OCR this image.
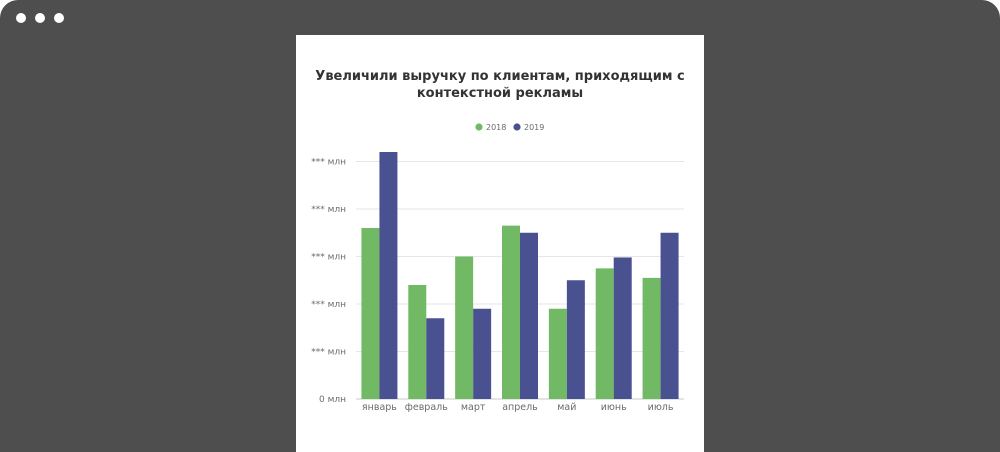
Увеличили выручку по клиентам, приходящим с
контекстной рекламы
0 млн
*** млн
*** млн
*** млн
*** млн
*** млн
январь февраль март апрель май	июнь июль
2018 2019
